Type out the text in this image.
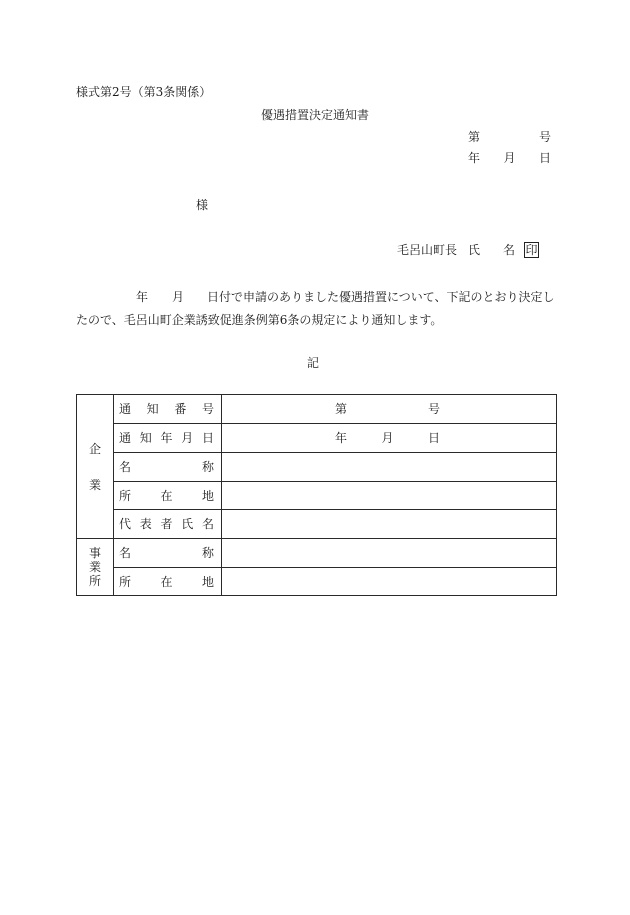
様式第2号（第3条関係）
優遇措置決定通知書
第	号
年 月 日
様
毛呂山町長 氏 名 印
年 月 日付で申請のありました優遇措置について、下記のとおり決定し
たので、毛呂山町企業誘致促進条例第6条の規定により通知します。
記
企業	通知番号	第 号

	通知年月日	年 月 日

	名称	
	所在地	
	代表者氏名	

事業所	名称	
	所在地	
